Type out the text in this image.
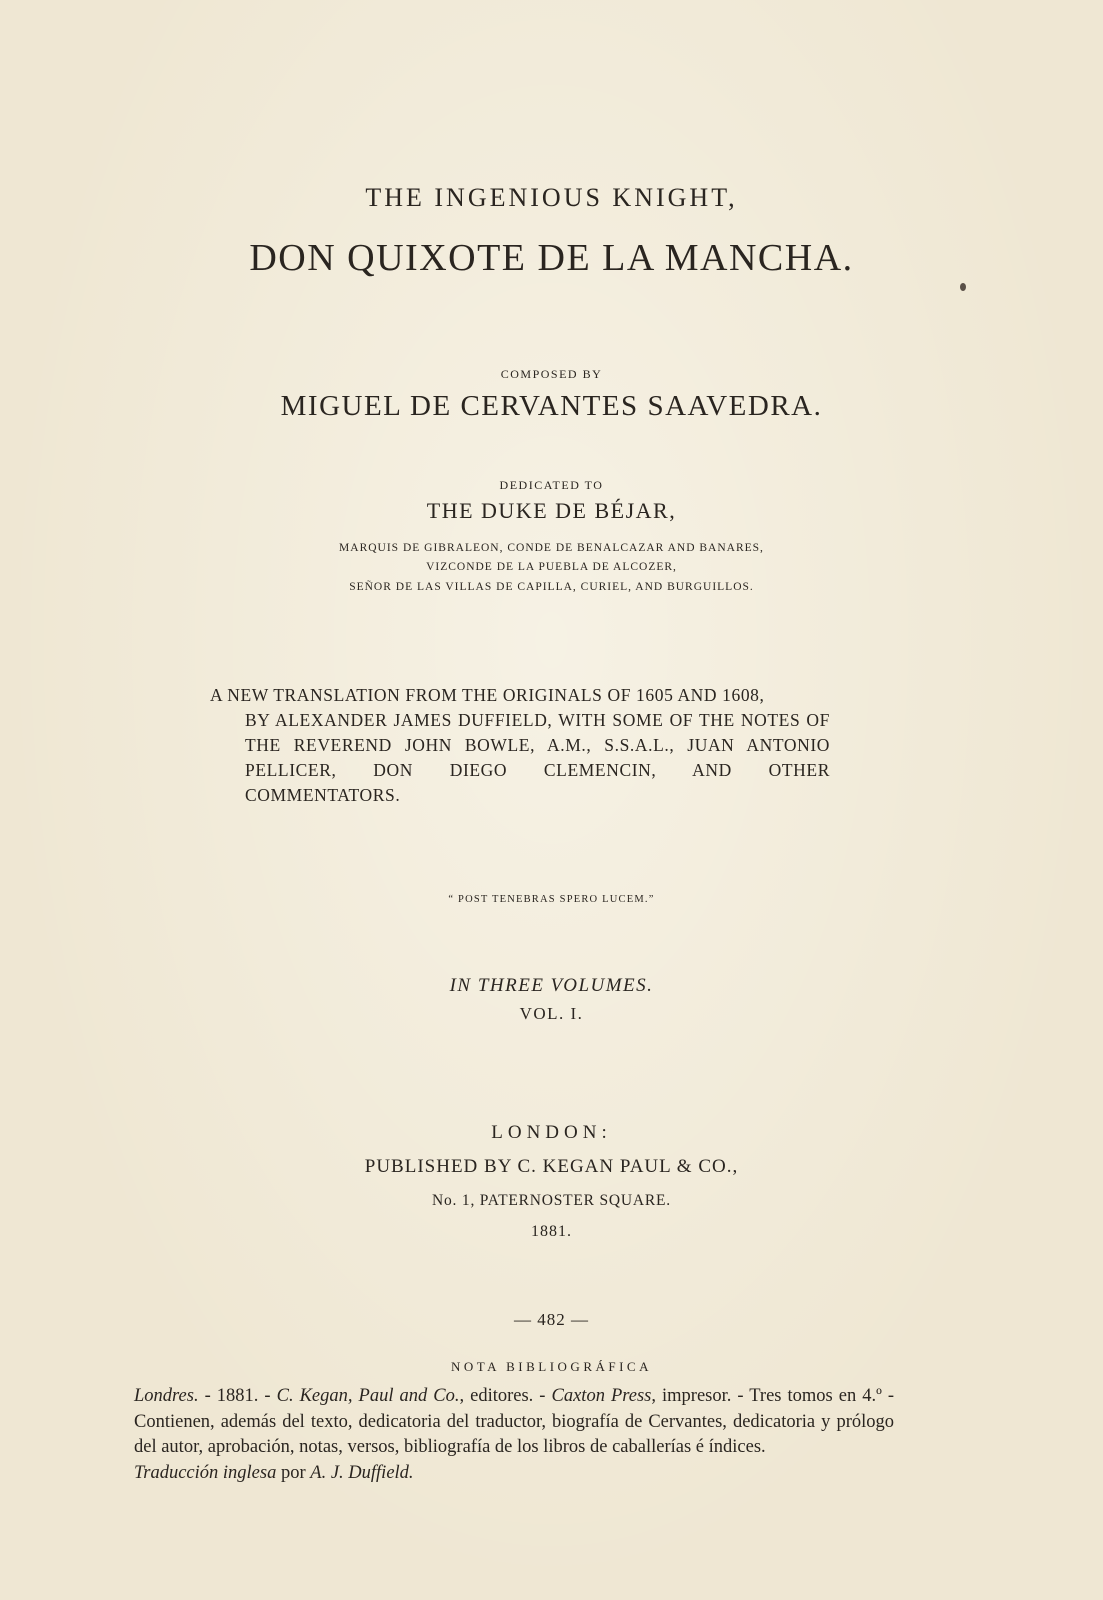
THE INGENIOUS KNIGHT,
DON QUIXOTE DE LA MANCHA.
COMPOSED BY
MIGUEL DE CERVANTES SAAVEDRA.
DEDICATED TO
THE DUKE DE BÉJAR,
MARQUIS DE GIBRALEON, CONDE DE BENALCAZAR AND BANARES,
VIZCONDE DE LA PUEBLA DE ALCOZER,
SEÑOR DE LAS VILLAS DE CAPILLA, CURIEL, AND BURGUILLOS.
A NEW TRANSLATION FROM THE ORIGINALS OF 1605 AND 1608,
BY ALEXANDER JAMES DUFFIELD, WITH SOME OF THE NOTES OF THE REVEREND JOHN BOWLE, A.M., S.S.A.L., JUAN ANTONIO PELLICER, DON DIEGO CLEMENCIN, AND OTHER COMMENTATORS.
“ POST TENEBRAS SPERO LUCEM.”
IN THREE VOLUMES.
VOL. I.
LONDON:
PUBLISHED BY C. KEGAN PAUL & CO.,
No. 1, PATERNOSTER SQUARE.
1881.
— 482 —
NOTA BIBLIOGRÁFICA

Londres. - 1881. - C. Kegan, Paul and Co., editores. - Caxton Press, impresor. - Tres tomos en 4.º - Contienen, además del texto, dedicatoria del traductor, biografía de Cervantes, dedicatoria y prólogo del autor, aprobación, notas, versos, bibliografía de los libros de caballerías é índices.

Traducción inglesa por A. J. Duffield.
